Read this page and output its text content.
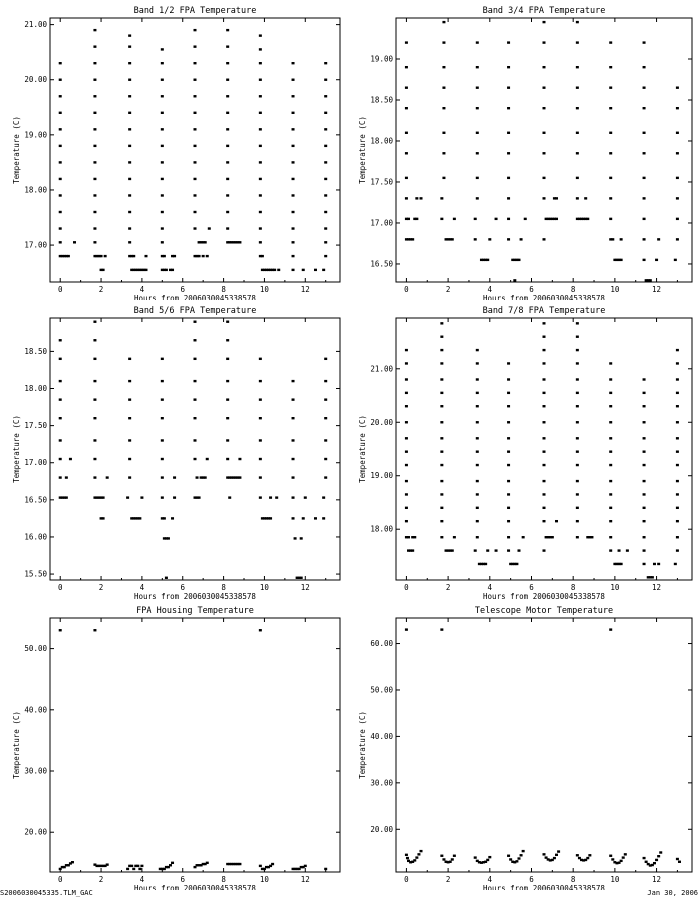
Band 1/2 FPA Temperature
0	2	4	6	8	10	12
17.00
18.00
19.00
20.00
21.00
Hours from 2006030045338578
Temperature (C)
Band 3/4 FPA Temperature
0	2	4	6	8	10	12
16.50
17.00
17.50
18.00
18.50
19.00
Hours from 2006030045338578
Temperature (C)
Band 5/6 FPA Temperature
0	2	4	6	8	10	12
15.50
16.00
16.50
17.00
17.50
18.00
18.50
Hours from 2006030045338578
Temperature (C)
Band 7/8 FPA Temperature
0	2	4	6	8	10	12
18.00
19.00
20.00
21.00
Hours from 2006030045338578
Temperature (C)
FPA Housing Temperature
0	2	4	6	8	10	12
20.00
30.00
40.00
50.00
Hours from 2006030045338578
Temperature (C)
Telescope Motor Temperature
0	2	4	6	8	10	12
20.00
30.00
40.00
50.00
60.00
Hours from 2006030045338578
Temperature (C)
S2006030045335.TLM_GAC	Jan 30, 2006
